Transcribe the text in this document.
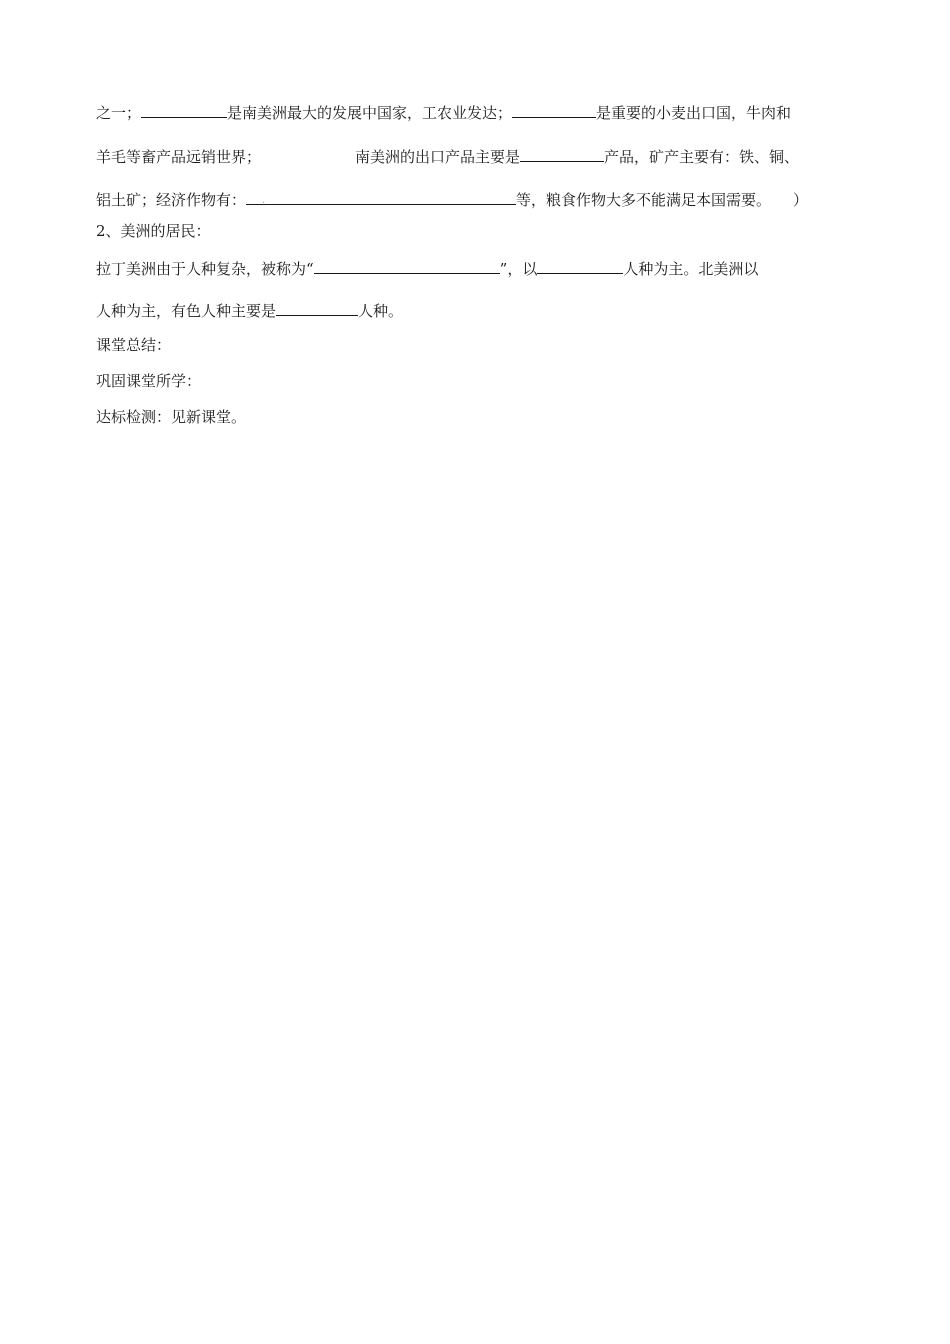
之一；	是南美洲最大的发展中国家，工农业发达；	是重要的小麦出口国，牛肉和
羊毛等畜产品远销世界；	南美洲的出口产品主要是	产品，矿产主要有：铁、铜、
铝土矿；经济作物有： .	等，粮食作物大多不能满足本国需要。 ）
2、美洲的居民：
拉丁美洲由于人种复杂，被称为“	”，以	人种为主。北美洲以
人种为主，有色人种主要是	人种。
课堂总结：
巩固课堂所学：
达标检测：见新课堂。
